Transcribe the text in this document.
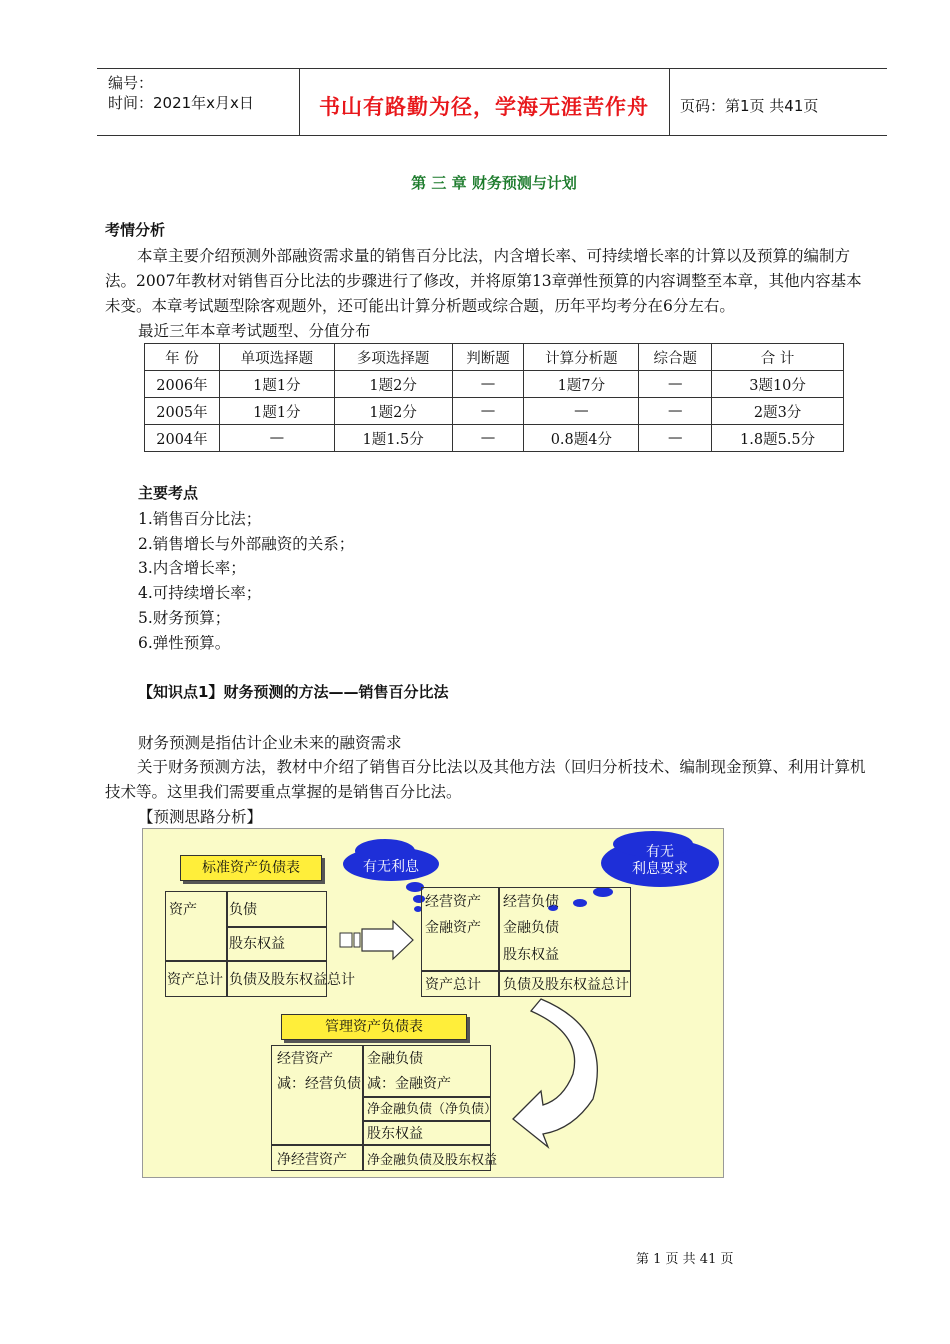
编号：
时间：2021年x月x日	书山有路勤为径，学海无涯苦作舟	页码：第1页 共41页
第 三 章 财务预测与计划
考情分析
本章主要介绍预测外部融资需求量的销售百分比法，内含增长率、可持续增长率的计算以及预算的编制方法。2007年教材对销售百分比法的步骤进行了修改，并将原第13章弹性预算的内容调整至本章，其他内容基本未变。本章考试题型除客观题外，还可能出计算分析题或综合题，历年平均考分在6分左右。
最近三年本章考试题型、分值分布
年 份	单项选择题	多项选择题	判断题	计算分析题	综合题	合 计
2006年	1题1分	1题2分	—	1题7分	—	3题10分
2005年	1题1分	1题2分	—	—	—	2题3分
2004年	—	1题1.5分	—	0.8题4分	—	1.8题5.5分
主要考点
1.销售百分比法；
2.销售增长与外部融资的关系；
3.内含增长率；
4.可持续增长率；
5.财务预算；
6.弹性预算。
【知识点1】财务预测的方法——销售百分比法
财务预测是指估计企业未来的融资需求
关于财务预测方法，教材中介绍了销售百分比法以及其他方法（回归分析技术、编制现金预算、利用计算机技术等。这里我们需要重点掌握的是销售百分比法。
【预测思路分析】
标准资产负债表
资产 负债
股东权益
资产总计 负债及股东权益总计
有无利息
有无
利息要求
经营资产
金融资产
经营负债
金融负债
股东权益
资产总计 负债及股东权益总计
管理资产负债表
经营资产
减：经营负债
金融负债
减：金融资产
净金融负债（净负债）
股东权益
净经营资产 净金融负债及股东权益
第 1 页 共 41 页
